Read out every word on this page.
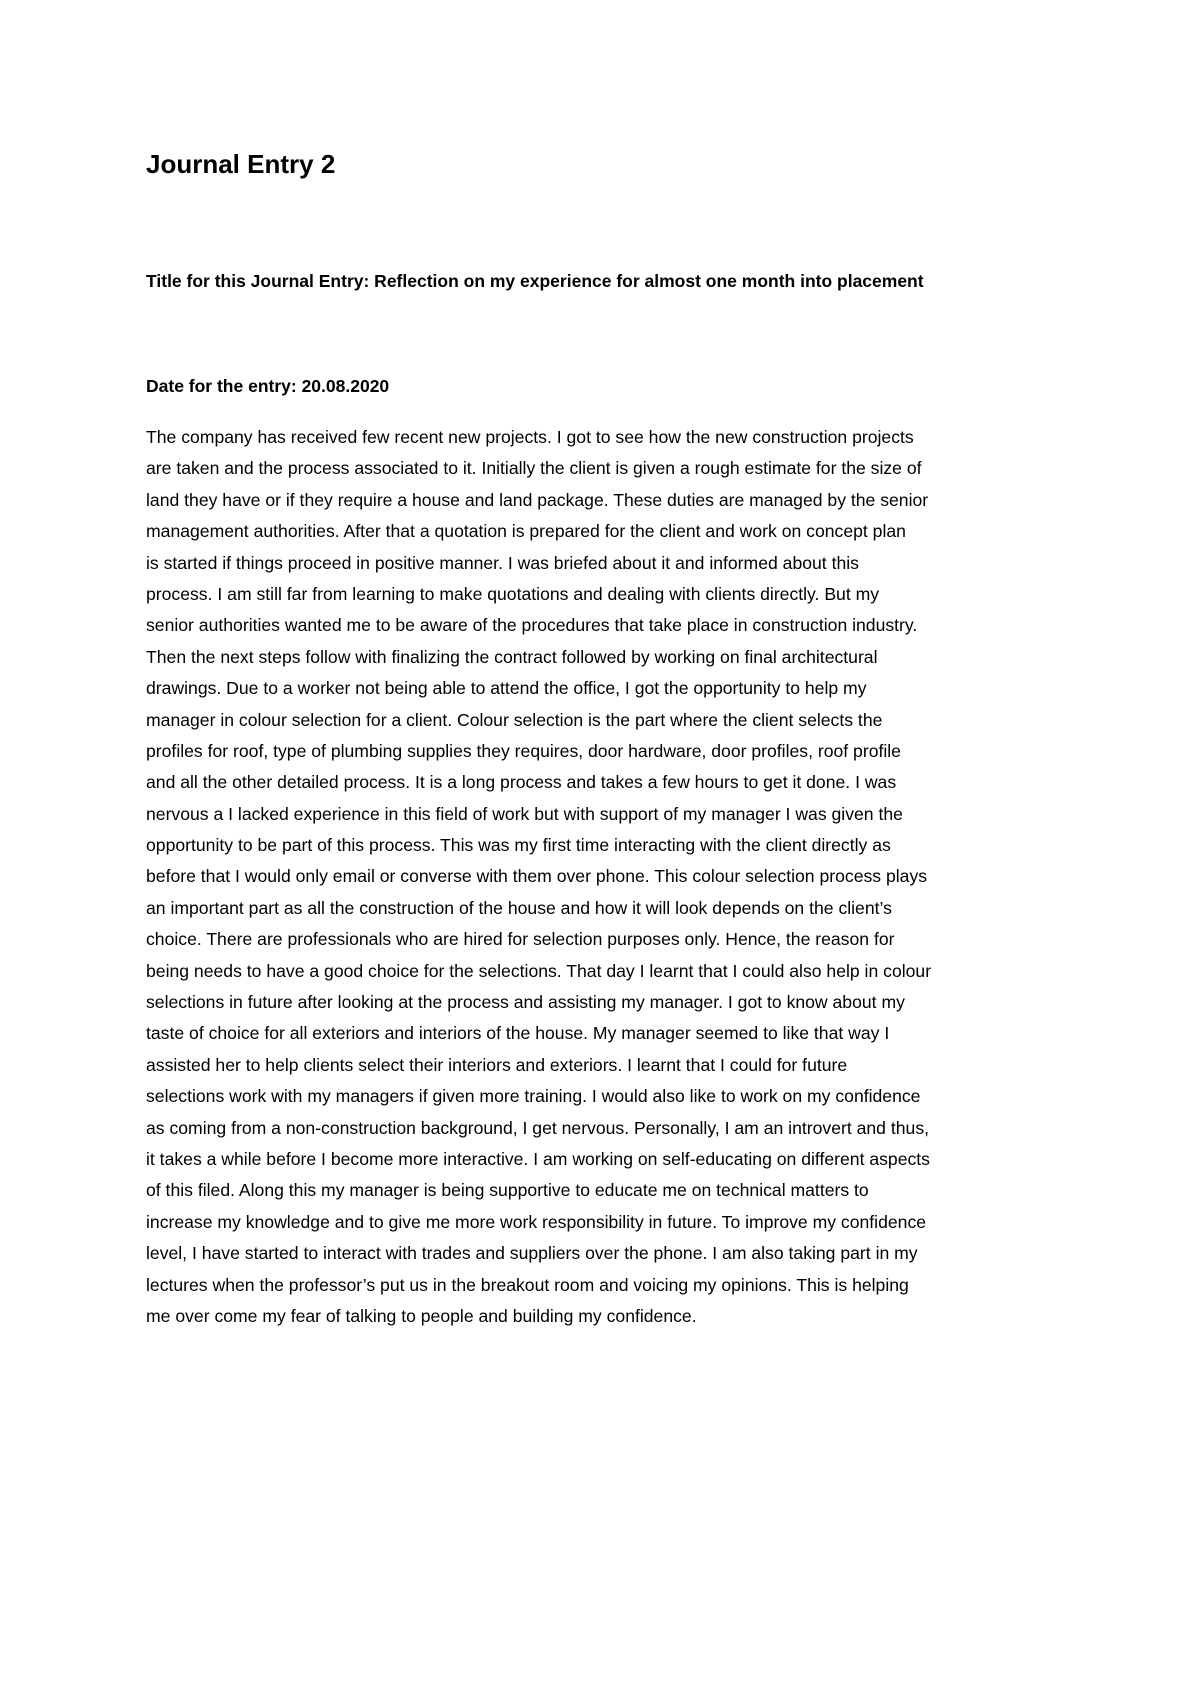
Journal Entry 2

Title for this Journal Entry: Reflection on my experience for almost one month into placement

Date for the entry: 20.08.2020

The company has received few recent new projects. I got to see how the new construction projects
are taken and the process associated to it. Initially the client is given a rough estimate for the size of
land they have or if they require a house and land package. These duties are managed by the senior
management authorities. After that a quotation is prepared for the client and work on concept plan
is started if things proceed in positive manner. I was briefed about it and informed about this
process. I am still far from learning to make quotations and dealing with clients directly. But my
senior authorities wanted me to be aware of the procedures that take place in construction industry.
Then the next steps follow with finalizing the contract followed by working on final architectural
drawings. Due to a worker not being able to attend the office, I got the opportunity to help my
manager in colour selection for a client. Colour selection is the part where the client selects the
profiles for roof, type of plumbing supplies they requires, door hardware, door profiles, roof profile
and all the other detailed process. It is a long process and takes a few hours to get it done. I was
nervous a I lacked experience in this field of work but with support of my manager I was given the
opportunity to be part of this process. This was my first time interacting with the client directly as
before that I would only email or converse with them over phone. This colour selection process plays
an important part as all the construction of the house and how it will look depends on the client’s
choice. There are professionals who are hired for selection purposes only. Hence, the reason for
being needs to have a good choice for the selections. That day I learnt that I could also help in colour
selections in future after looking at the process and assisting my manager. I got to know about my
taste of choice for all exteriors and interiors of the house. My manager seemed to like that way I
assisted her to help clients select their interiors and exteriors. I learnt that I could for future
selections work with my managers if given more training. I would also like to work on my confidence
as coming from a non-construction background, I get nervous. Personally, I am an introvert and thus,
it takes a while before I become more interactive. I am working on self-educating on different aspects
of this filed. Along this my manager is being supportive to educate me on technical matters to
increase my knowledge and to give me more work responsibility in future. To improve my confidence
level, I have started to interact with trades and suppliers over the phone. I am also taking part in my
lectures when the professor’s put us in the breakout room and voicing my opinions. This is helping
me over come my fear of talking to people and building my confidence.
